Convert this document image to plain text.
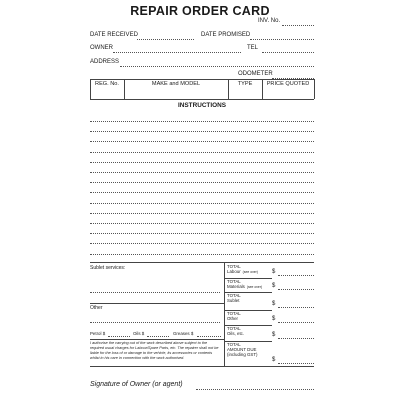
REPAIR ORDER CARD
INV. No.
DATE RECEIVED	DATE PROMISED
OWNER	TEL
ADDRESS
ODOMETER
REG. No.	MAKE and MODEL	TYPE	PRICE QUOTED
INSTRUCTIONS
Sublet services:
Other
Petrol $	Oils $	Greases $
I authorise the carrying out of the work described above subject to the required usual charges for Labour/Spare Parts, etc. The repairer shall not be liable for the loss of or damage to the vehicle, its accessories or contents whilst in his care in connection with the work authorised.
TOTAL
Labour (see over) $
TOTAL
Materials (see over) $
TOTAL
Sublet
$
TOTAL
Other	$
TOTAL
Oils, etc.	$
TOTAL
AMOUNT DUE
(including GST)
$
Signature of Owner (or agent)
